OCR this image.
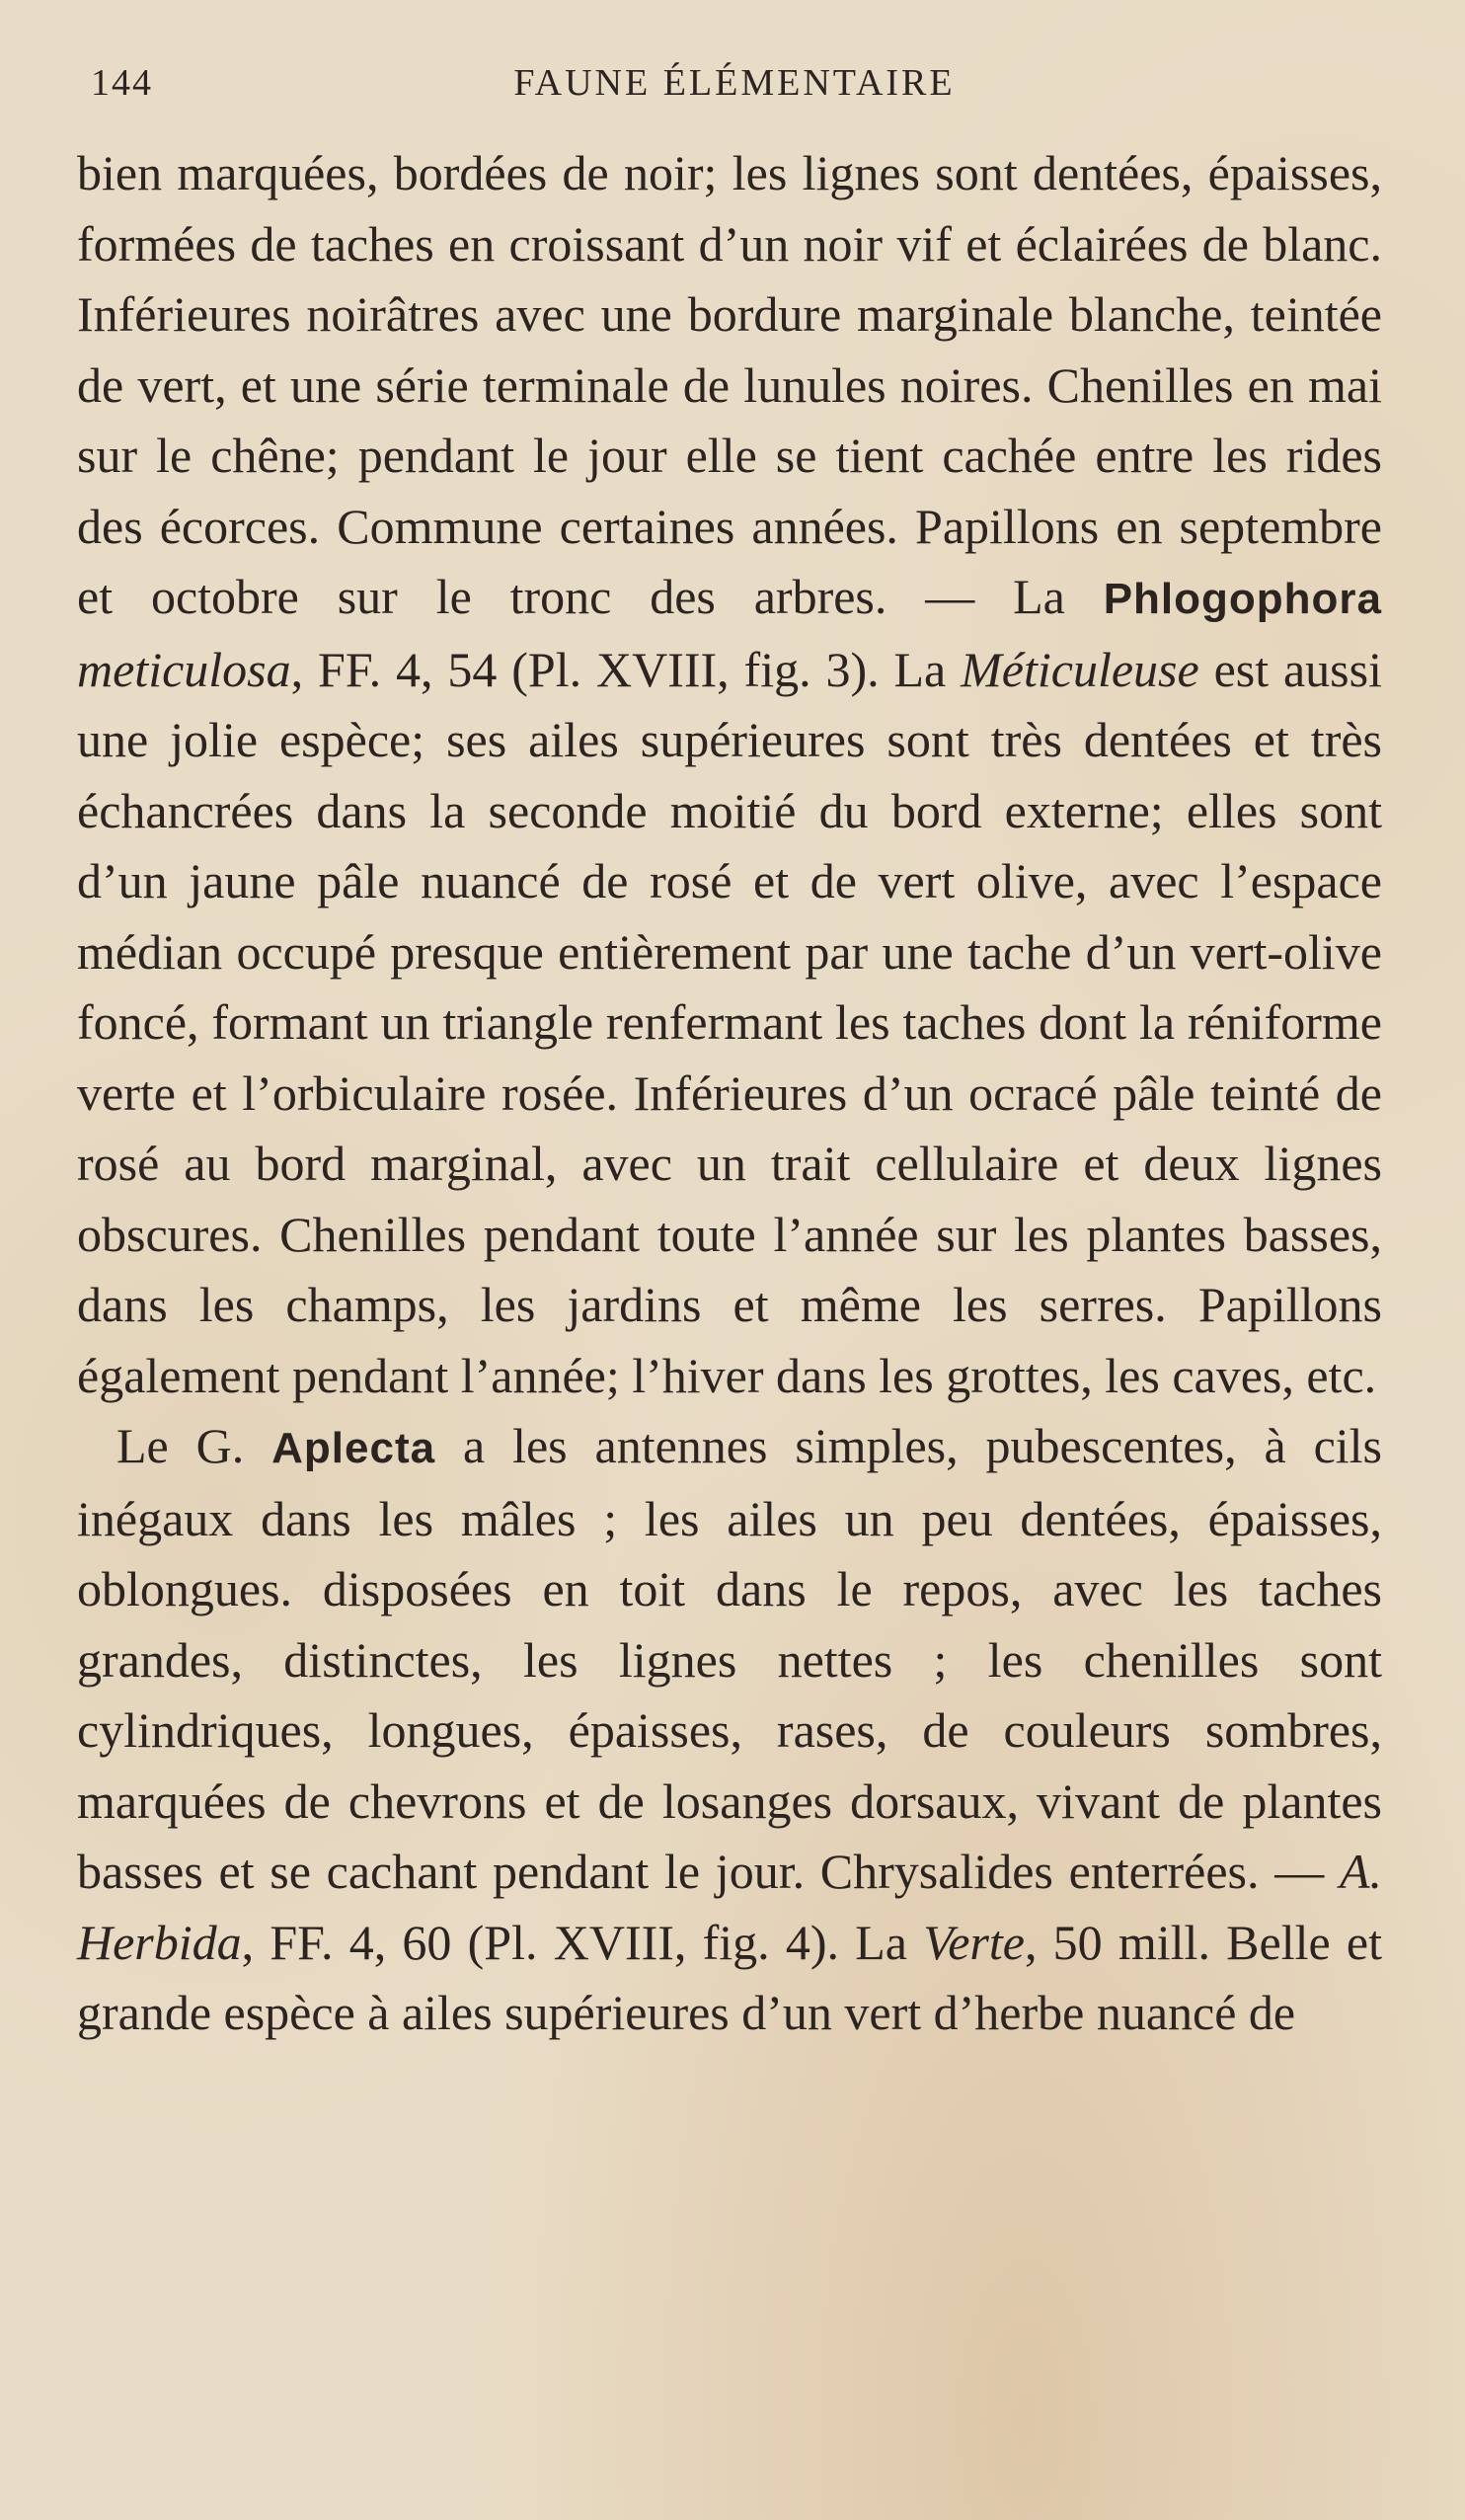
144	FAUNE ÉLÉMENTAIRE

bien marquées, bordées de noir; les lignes sont dentées, épaisses, formées de taches en croissant d’un noir vif et éclairées de blanc. Inférieures noirâtres avec une bordure marginale blanche, teintée de vert, et une série terminale de lunules noires. Chenilles en mai sur le chêne; pendant le jour elle se tient cachée entre les rides des écorces. Commune certaines années. Papillons en septembre et octobre sur le tronc des arbres. — La Phlogophora meticulosa, FF. 4, 54 (Pl. XVIII, fig. 3). La Méticuleuse est aussi une jolie espèce; ses ailes supérieures sont très dentées et très échancrées dans la seconde moitié du bord externe; elles sont d’un jaune pâle nuancé de rosé et de vert olive, avec l’espace médian occupé presque entièrement par une tache d’un vert-olive foncé, formant un triangle renfermant les taches dont la réniforme verte et l’orbiculaire rosée. Inférieures d’un ocracé pâle teinté de rosé au bord marginal, avec un trait cellulaire et deux lignes obscures. Chenilles pendant toute l’année sur les plantes basses, dans les champs, les jardins et même les serres. Papillons également pendant l’année; l’hiver dans les grottes, les caves, etc.

Le G. Aplecta a les antennes simples, pubescentes, à cils inégaux dans les mâles ; les ailes un peu dentées, épaisses, oblongues. disposées en toit dans le repos, avec les taches grandes, distinctes, les lignes nettes ; les chenilles sont cylindriques, longues, épaisses, rases, de couleurs sombres, marquées de chevrons et de losanges dorsaux, vivant de plantes basses et se cachant pendant le jour. Chrysalides enterrées. — A. Herbida, FF. 4, 60 (Pl. XVIII, fig. 4). La Verte, 50 mill. Belle et grande espèce à ailes supérieures d’un vert d’herbe nuancé de
